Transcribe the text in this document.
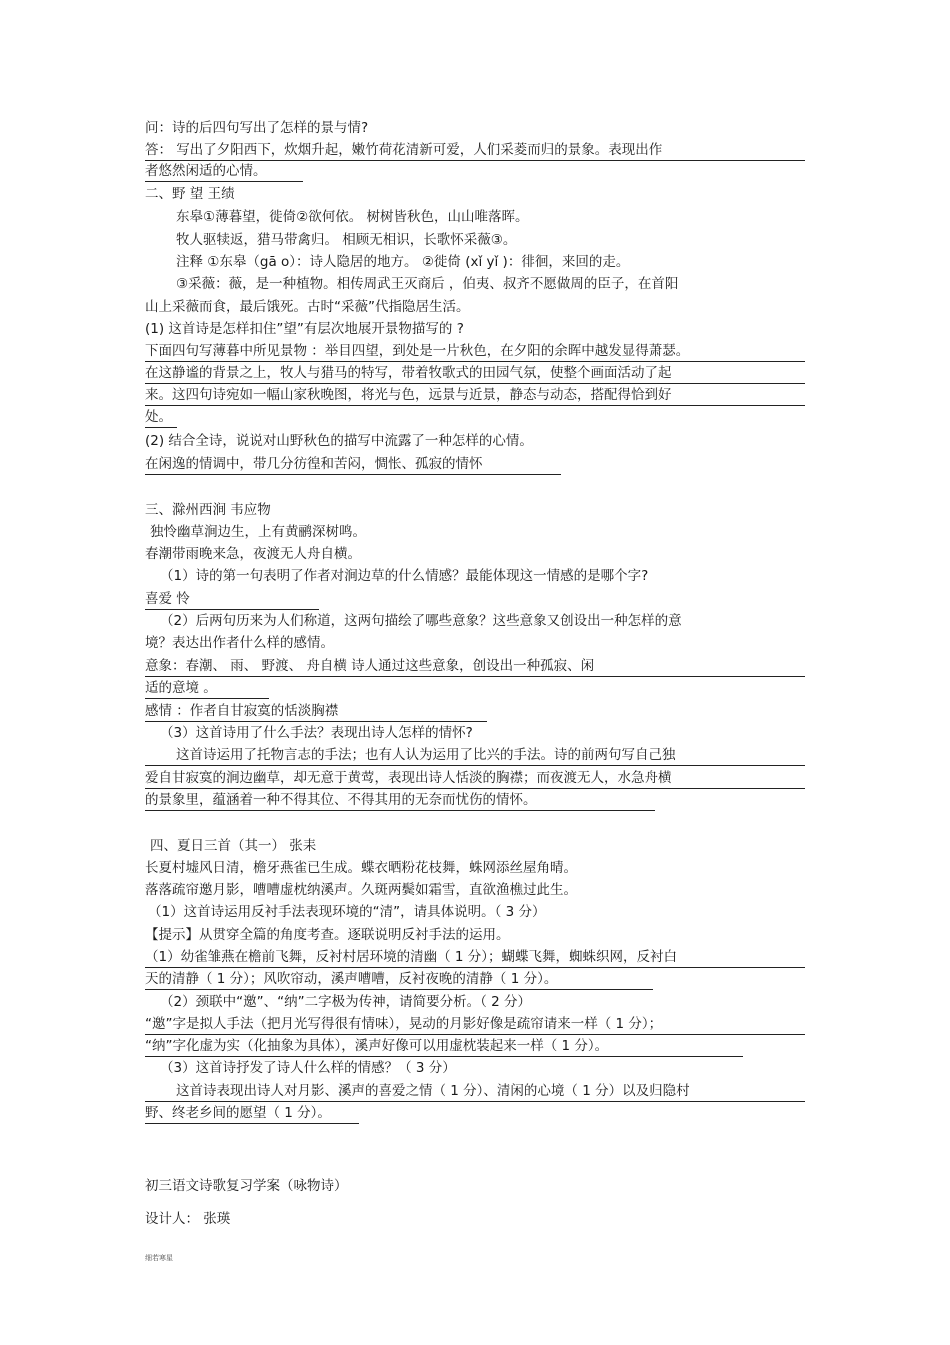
问：诗的后四句写出了怎样的景与情?
答： 写出了夕阳西下，炊烟升起，嫩竹荷花清新可爱，人们采菱而归的景象。表现出作
者悠然闲适的心情。
二、野 望 王绩
东皋①薄暮望，徙倚②欲何依。 树树皆秋色，山山唯落晖。
牧人驱犊返，猎马带禽归。 相顾无相识，长歌怀采薇③。
注释 ①东皋（gā o）：诗人隐居的地方。 ②徙倚 (xǐ yǐ )：徘徊，来回的走。
③采薇：薇，是一种植物。相传周武王灭商后 ，伯夷、叔齐不愿做周的臣子，在首阳
山上采薇而食，最后饿死。古时“采薇”代指隐居生活。
(1) 这首诗是怎样扣住”望”有层次地展开景物描写的 ?
下面四句写薄暮中所见景物 ：举目四望，到处是一片秋色，在夕阳的余晖中越发显得萧瑟。
在这静谧的背景之上，牧人与猎马的特写，带着牧歌式的田园气氛，使整个画面活动了起
来。这四句诗宛如一幅山家秋晚图，将光与色，远景与近景，静态与动态，搭配得恰到好
处。
(2) 结合全诗，说说对山野秋色的描写中流露了一种怎样的心情。
在闲逸的情调中，带几分彷徨和苦闷，惆怅、孤寂的情怀
三、滁州西涧 韦应物
独怜幽草涧边生，上有黄鹂深树鸣。
春潮带雨晚来急，夜渡无人舟自横。
（1）诗的第一句表明了作者对涧边草的什么情感？最能体现这一情感的是哪个字?
喜爱 怜
（2）后两句历来为人们称道，这两句描绘了哪些意象？这些意象又创设出一种怎样的意
境？表达出作者什么样的感情。
意象：春潮、 雨、 野渡、 舟自横 诗人通过这些意象，创设出一种孤寂、闲
适的意境 。
感情 ：作者自甘寂寞的恬淡胸襟
（3）这首诗用了什么手法？表现出诗人怎样的情怀?
这首诗运用了托物言志的手法；也有人认为运用了比兴的手法。诗的前两句写自己独
爱自甘寂寞的涧边幽草，却无意于黄莺，表现出诗人恬淡的胸襟；而夜渡无人，水急舟横
的景象里，蕴涵着一种不得其位、不得其用的无奈而忧伤的情怀。
四、夏日三首（其一） 张耒
长夏村墟风日清，檐牙燕雀已生成。蝶衣晒粉花枝舞，蛛网添丝屋角晴。
落落疏帘邀月影，嘈嘈虚枕纳溪声。久斑两鬓如霜雪，直欲渔樵过此生。
（1）这首诗运用反衬手法表现环境的“清”，请具体说明。（ 3 分）
【提示】从贯穿全篇的角度考查。逐联说明反衬手法的运用。
（1）幼雀雏燕在檐前飞舞，反衬村居环境的清幽（ 1 分）；蝴蝶飞舞，蜘蛛织网，反衬白
天的清静（ 1 分）；风吹帘动，溪声嘈嘈，反衬夜晚的清静（ 1 分）。
（2）颈联中“邀”、“纳”二字极为传神，请简要分析。（ 2 分）
“邀”字是拟人手法（把月光写得很有情味），晃动的月影好像是疏帘请来一样（ 1 分）；
“纳”字化虚为实（化抽象为具体），溪声好像可以用虚枕装起来一样（ 1 分）。
（3）这首诗抒发了诗人什么样的情感？（ 3 分）
这首诗表现出诗人对月影、溪声的喜爱之情（ 1 分）、清闲的心境（ 1 分）以及归隐村
野、终老乡间的愿望（ 1 分）。
初三语文诗歌复习学案（咏物诗）
设计人： 张瑛
细若寒星
